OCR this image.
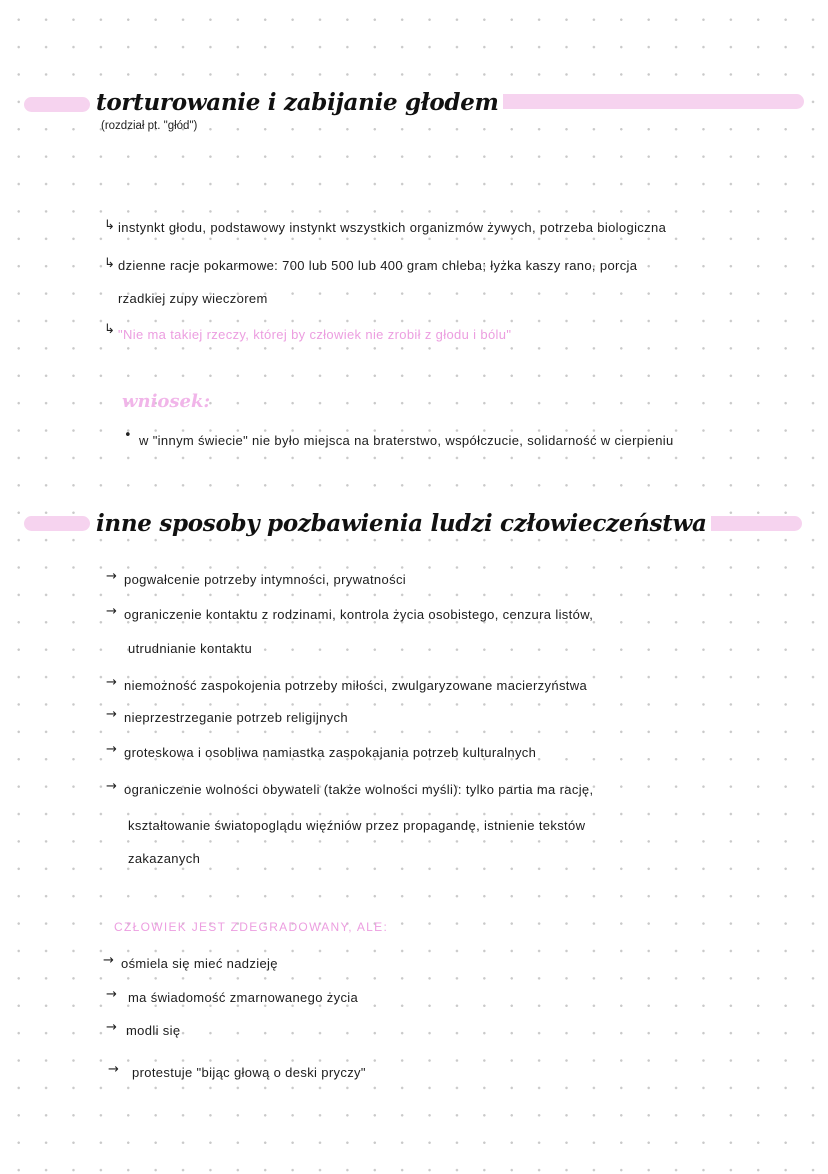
torturowanie i zabijanie głodem
(rozdział pt. "głód")
↳ instynkt głodu, podstawowy instynkt wszystkich organizmów żywych, potrzeba biologiczna
↳ dzienne racje pokarmowe: 700 lub 500 lub 400 gram chleba; łyżka kaszy rano, porcja
rzadkiej zupy wieczorem
↳ "Nie ma takiej rzeczy, której by człowiek nie zrobił z głodu i bólu"
wniosek:
• w "innym świecie" nie było miejsca na braterstwo, współczucie, solidarność w cierpieniu
inne sposoby pozbawienia ludzi człowieczeństwa
→ pogwałcenie potrzeby intymności, prywatności
→ ograniczenie kontaktu z rodzinami, kontrola życia osobistego, cenzura listów,
utrudnianie kontaktu
→ niemożność zaspokojenia potrzeby miłości, zwulgaryzowane macierzyństwa
→ nieprzestrzeganie potrzeb religijnych
→ groteskowa i osobliwa namiastka zaspokajania potrzeb kulturalnych
→ ograniczenie wolności obywateli (także wolności myśli): tylko partia ma rację,
kształtowanie światopoglądu więźniów przez propagandę, istnienie tekstów
zakazanych
CZŁOWIEK JEST ZDEGRADOWANY, ALE:
→ ośmiela się mieć nadzieję
→ ma świadomość zmarnowanego życia
→ modli się
→ protestuje "bijąc głową o deski pryczy"
